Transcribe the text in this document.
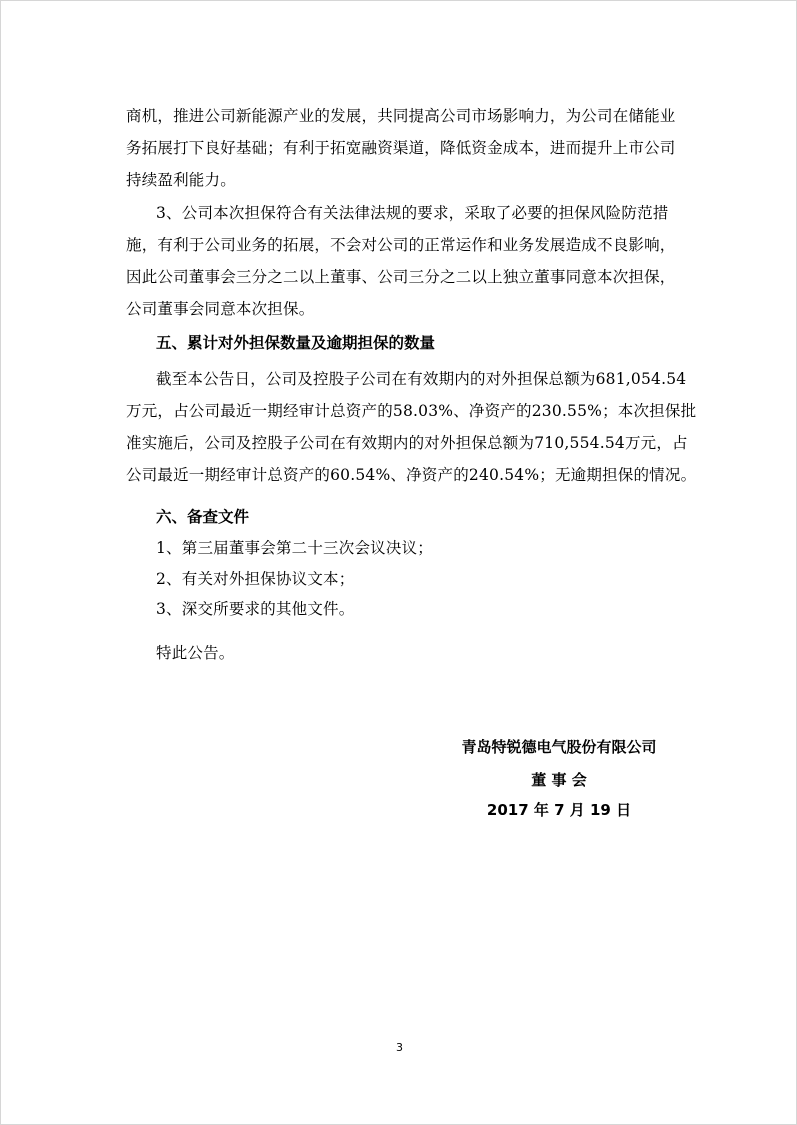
商机，推进公司新能源产业的发展，共同提高公司市场影响力，为公司在储能业
务拓展打下良好基础；有利于拓宽融资渠道，降低资金成本，进而提升上市公司
持续盈利能力。
3、公司本次担保符合有关法律法规的要求，采取了必要的担保风险防范措
施，有利于公司业务的拓展，不会对公司的正常运作和业务发展造成不良影响，
因此公司董事会三分之二以上董事、公司三分之二以上独立董事同意本次担保，
公司董事会同意本次担保。
五、累计对外担保数量及逾期担保的数量
截至本公告日，公司及控股子公司在有效期内的对外担保总额为681,054.54
万元，占公司最近一期经审计总资产的58.03%、净资产的230.55%；本次担保批
准实施后，公司及控股子公司在有效期内的对外担保总额为710,554.54万元，占
公司最近一期经审计总资产的60.54%、净资产的240.54%；无逾期担保的情况。
六、备查文件
1、第三届董事会第二十三次会议决议；
2、有关对外担保协议文本；
3、深交所要求的其他文件。
特此公告。
青岛特锐德电气股份有限公司
董 事 会
2017 年 7 月 19 日
3
